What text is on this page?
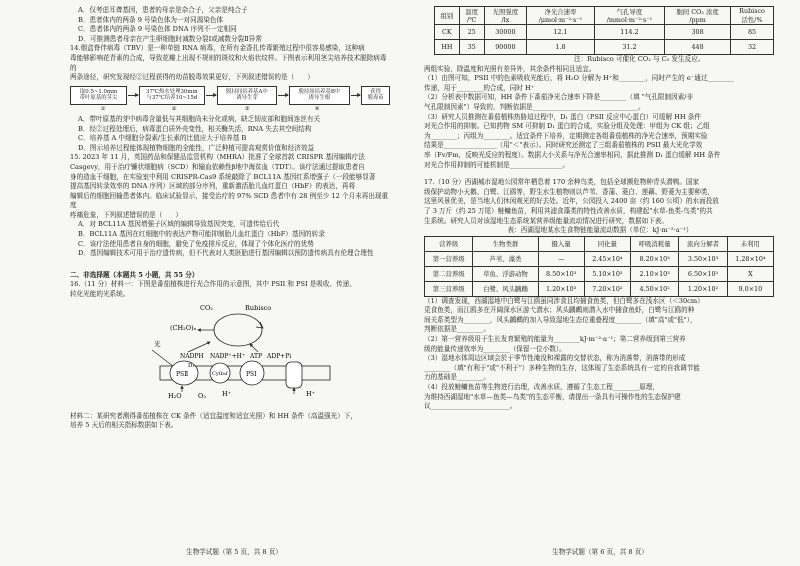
A．仅考虑耳聋基因，患者的母亲是杂合子，父亲是纯合子

B．患者体内的两条 9 号染色体为一对同源染色体

C．患者体内的两条 9 号染色体 DNA 序列不一定相同

D．可推测患者母亲在产生卵细胞时减数分裂Ⅰ或减数分裂Ⅱ异常

14.烟盒脊伴病毒（TBV）是一种单链 RNA 病毒，在所有金香扎传毒繁殖过程中很容易感染，这种病

毒能够影响花青素的合成，导致花瓣上出现不规则的斑纹和火焰状纹样。下图表示利用茎尖培养技术脱除病毒的

两条途径，研究发现经②过程获得的幼苗脱毒效果更好，下列叙述错误的是（　　）

取0.5~1.0mm
带叶原基的茎尖
37℃热水处理30min
与37℃培养10~15d
脱持间培养基A中
诱导生芽
脱持间培养基B中
诱导生根
获得
脱毒苗
①	②	③	④

A．带叶原基的芽中病毒含量低与其细胞尚未分化或病，缺乏韧皮部和胞间连丝有关

B．经②过程处理后，病毒蛋白质外壳变性，相关酶失活，RNA 失去其空间结构

C．培养基 A 中细胞分裂素/生长素的比值应大于培养基 B

D．图示培养过程能体现植物细胞的全能性，广泛种植可提高观赏价值和经济效益

15. 2023 年 11 月，英国药品和保健品监管机构（MHRA）批准了全球首款 CRISPR 基因编辑疗法

Casgevy，用于治疗镰状细胞病（SCD）和输血依赖性β地中海贫血（TDT）。该疗法通过提取患者自

身的造血干细胞，在实验室中利用 CRISPR-Cas9 系统敲除了 BCL11A 基因红系增强子（一段能够显著

提高基因转录效率的 DNA 序列）区域的部分序列，重新激活胎儿血红蛋白（HbF）的表达，再将

编辑后的细胞回输患者体内。临床试验显示，接受治疗的 97% SCD 患者中有 28 例至少 12 个月未再出现重度

疼痛危象，下列叙述错误的是（　　）

A．对 BCL11A 基因增强子区域的编辑导致基因突变，可遗传给后代

B．BCL11A 基因在红细胞中的表达产物可能抑制胎儿血红蛋白（HbF）基因的转录

C．该疗法使用患者自身的细胞，避免了免疫排斥反应，体现了个体化医疗的优势

D．基因编辑技术可用于治疗遗传病，但不代表对人类胚胎进行基因编辑以预防遗传病具有伦理合理性

二、非选择题（本题共 5 小题，共 55 分）

16.（11 分）材料一：下图是番茄植株进行光合作用的示意图，其中 PSII 和 PSI 是吸收、传递、

转化光能的光系统。

CO₂	Rubisco
(CH₂O)ₙ
光
NADPH NADP⁺+H⁺ ATP ADP+Pi
PSⅡ
D₁
Cytb₆f	PSⅠ
H₂O	O₂ H⁺	H⁺

材料二：某研究者测得番茄植株在 CK 条件（适宜温度和适宜光照）和 HH 条件（高温强光）下，

培养 5 天后的相关指标数据如下表。

生物学试题（第 5 页，共 8 页）
组别	温度
/℃	光照强度
/lx	净光合速率
/μmol·m⁻²·s⁻¹	气孔导度
/mmol·m⁻²·s⁻¹	胞间 CO₂ 浓度
/ppm	Rubisco
活性/%
CK	25	30000	12.1	114.2	308	85
HH	35	90000	1.8	31.2	448	32

注：Rubisco 可催化 CO₂ 与 C₅ 发生反应。

两组实验，除温度和光照有差异外，其余条件相同且适宜。

（1）由图可知，PSII 中的色素吸收光能后，将 H₂O 分解为 H⁺和________，同时产生的 e⁻通过________

传递，用于________的合成，同时 H⁺

（2）分析表中数据可知，HH 条件下番茄净光合速率下降是________（填 "气孔限制因素/非

气孔限制因素"）导致的，判断依据是________________________________。

（3）研究人员推测在番茄植株热胁迫过程中，D₁ 蛋白（PSII 反应中心蛋白）可缓解 HH 条件

对光合作用的抑制。已知药物 SM 可抑制 D₁ 蛋白的合成，实验分组及处理：甲组为 CK 组；乙组

为________；丙组为________。适宜条件下培养，定期测定各组番茄植株的净光合速率，预期实验

结果是________________（用"＜"表示）。同时研究还测定了三组番茄植株的 PSII 最大光化学效

率（Fv/Fm，反映光反应的程度）。数据大小关系与净光合速率相同，据此推测 D₁ 蛋白缓解 HH 条件

对光合作用抑制的可能机制是________________。

17.（10 分）西湖城市湿地公园常年栖息着 170 余种鸟类，包括全球濒危物种青头潜鸭。国家

级保护动物小天鹅、白鹭、江鸥等，野生水生植物则以芦苇、香蒲、菱白、莲藕、野菱为主要种类，

这里风景优美，是当地人们休闲观光的好去处。近年，公园投入 2400 亩（约 160 公顷）的水面投放

了 3 万斤（约 25 万尾）鲢鳙鱼苗，利用其滤食藻类的特性改善水质，构建起"水草-鱼类-鸟类"的共

生系统。研究人员对该湿地生态系统某营养级能量流动情况进行研究，数据如下表。

表：西湖湿地某水生食物链能量流动数据（单位：kJ·m⁻²·a⁻¹）

营养级	生物类群	摄入量	同化量	呼吸消耗量	流向分解者	未利用
第一营养级	芦苇、藻类	—	2.45×10⁴	8.20×10³	3.50×10³	1.28×10⁴
第二营养级	草鱼、浮游动物	8.50×10³	5.10×10³	2.10×10³	6.50×10²	X
第三营养级	白鹭、风头鸊鷉	1.20×10³	7.20×10²	4.50×10²	1.20×10²	9.0×10

（1）调查发现，西湖湿地中白鹭与江鸥虽同涉食且均捕食鱼类，但白鹭多在浅水区（＜30cm）

觅食鱼类，而江鸥多在开阔深水区游弋潜水；风头鸊鷉则潜入水中捕食鱼虾，白鹭与江鸥的种

间关系类型为________，风头鸊鷉的加入导致湿地生态位重叠程度________（填"高"或"低"），

判断依据是________。

（2）第一营养级用于生长发育繁殖的能量为________kJ·m⁻²·a⁻¹；第二营养级到第三营养

级的能量传递效率为________（保留一位小数）。

（3）湿地水体周边区域会於于季节性淹没和裸露的交替状态，称为消落带，消落带的形成

________（填"有利于"或"不利于"）多种生物的生存，这体现了生态系统具有一定的自我调节能

力的基础是________。

（4）投放鲢鳙鱼苗等生物进行治理，改善水质，遵循了生态工程________原理，

为维持西湖湿地"水草—鱼类—鸟类"的生态平衡，请提出一条具有可操作性的生态保护建

议________________________。

生物学试题（第 6 页，共 8 页）
